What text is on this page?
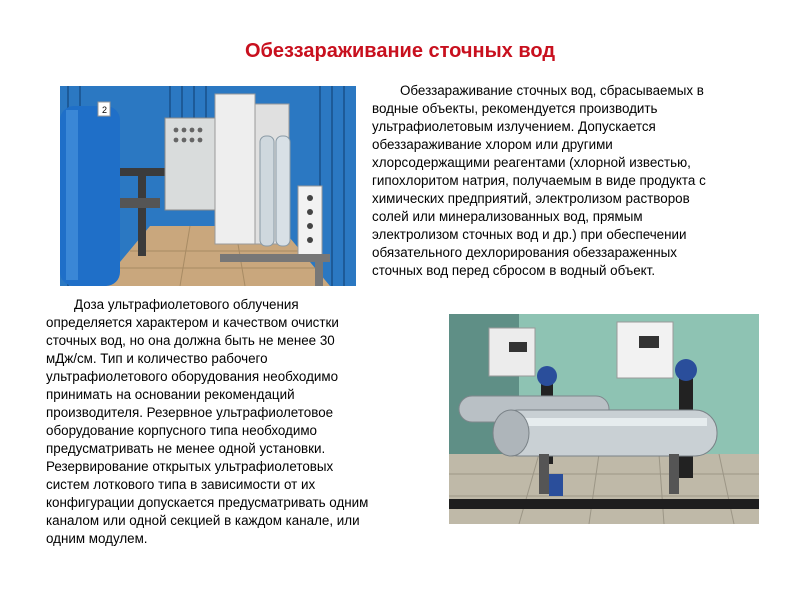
Обеззараживание сточных вод
2

Обеззараживание сточных вод, сбрасываемых в
водные объекты, рекомендуется производить
ультрафиолетовым излучением. Допускается
обеззараживание хлором или другими
хлорсодержащими реагентами (хлорной известью,
гипохлоритом натрия, получаемым в виде продукта с
химических предприятий, электролизом растворов
солей или минерализованных вод, прямым
электролизом сточных вод и др.) при обеспечении
обязательного дехлорирования обеззараженных
сточных вод перед сбросом в водный объект.

Доза ультрафиолетового облучения
определяется характером и качеством очистки
сточных вод, но она должна быть не менее 30
мДж/см. Тип и количество рабочего
ультрафиолетового оборудования необходимо
принимать на основании рекомендаций
производителя. Резервное ультрафиолетовое
оборудование корпусного типа необходимо
предусматривать не менее одной установки.
Резервирование открытых ультрафиолетовых
систем лоткового типа в зависимости от их
конфигурации допускается предусматривать одним
каналом или одной секцией в каждом канале, или
одним модулем.
